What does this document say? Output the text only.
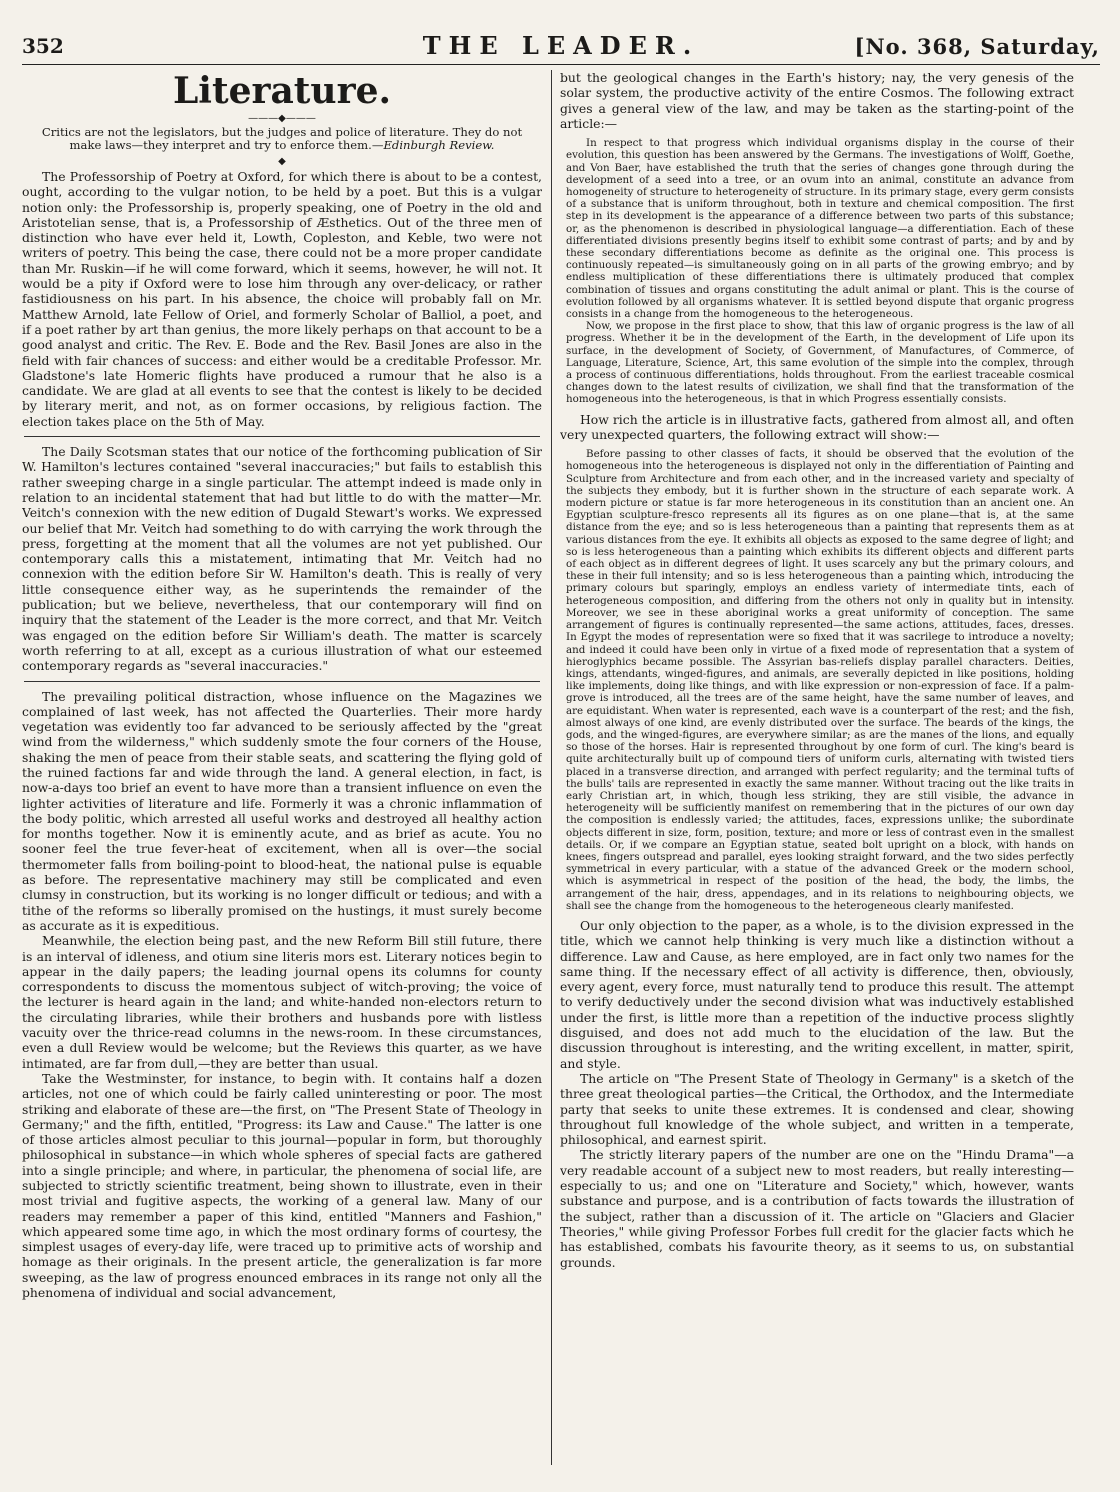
352	THE LEADER.	[No. 368, Saturday,
Literature.
———◆———
Critics are not the legislators, but the judges and police of literature. They do not make laws—they interpret and try to enforce them.—Edinburgh Review.
◆

The Professorship of Poetry at Oxford, for which there is about to be a contest, ought, according to the vulgar notion, to be held by a poet. But this is a vulgar notion only: the Professorship is, properly speaking, one of Poetry in the old and Aristotelian sense, that is, a Professorship of Æsthetics. Out of the three men of distinction who have ever held it, Lowth, Copleston, and Keble, two were not writers of poetry. This being the case, there could not be a more proper candidate than Mr. Ruskin—if he will come forward, which it seems, however, he will not. It would be a pity if Oxford were to lose him through any over-delicacy, or rather fastidiousness on his part. In his absence, the choice will probably fall on Mr. Matthew Arnold, late Fellow of Oriel, and formerly Scholar of Balliol, a poet, and if a poet rather by art than genius, the more likely perhaps on that account to be a good analyst and critic. The Rev. E. Bode and the Rev. Basil Jones are also in the field with fair chances of success: and either would be a creditable Professor. Mr. Gladstone's late Homeric flights have produced a rumour that he also is a candidate. We are glad at all events to see that the contest is likely to be decided by literary merit, and not, as on former occasions, by religious faction. The election takes place on the 5th of May.

The Daily Scotsman states that our notice of the forthcoming publication of Sir W. Hamilton's lectures contained "several inaccuracies;" but fails to establish this rather sweeping charge in a single particular. The attempt indeed is made only in relation to an incidental statement that had but little to do with the matter—Mr. Veitch's connexion with the new edition of Dugald Stewart's works. We expressed our belief that Mr. Veitch had something to do with carrying the work through the press, forgetting at the moment that all the volumes are not yet published. Our contemporary calls this a mistatement, intimating that Mr. Veitch had no connexion with the edition before Sir W. Hamilton's death. This is really of very little consequence either way, as he superintends the remainder of the publication; but we believe, nevertheless, that our contemporary will find on inquiry that the statement of the Leader is the more correct, and that Mr. Veitch was engaged on the edition before Sir William's death. The matter is scarcely worth referring to at all, except as a curious illustration of what our esteemed contemporary regards as "several inaccuracies."

The prevailing political distraction, whose influence on the Magazines we complained of last week, has not affected the Quarterlies. Their more hardy vegetation was evidently too far advanced to be seriously affected by the "great wind from the wilderness," which suddenly smote the four corners of the House, shaking the men of peace from their stable seats, and scattering the flying gold of the ruined factions far and wide through the land. A general election, in fact, is now-a-days too brief an event to have more than a transient influence on even the lighter activities of literature and life. Formerly it was a chronic inflammation of the body politic, which arrested all useful works and destroyed all healthy action for months together. Now it is eminently acute, and as brief as acute. You no sooner feel the true fever-heat of excitement, when all is over—the social thermometer falls from boiling-point to blood-heat, the national pulse is equable as before. The representative machinery may still be complicated and even clumsy in construction, but its working is no longer difficult or tedious; and with a tithe of the reforms so liberally promised on the hustings, it must surely become as accurate as it is expeditious.

Meanwhile, the election being past, and the new Reform Bill still future, there is an interval of idleness, and otium sine literis mors est. Literary notices begin to appear in the daily papers; the leading journal opens its columns for county correspondents to discuss the momentous subject of witch-proving; the voice of the lecturer is heard again in the land; and white-handed non-electors return to the circulating libraries, while their brothers and husbands pore with listless vacuity over the thrice-read columns in the news-room. In these circumstances, even a dull Review would be welcome; but the Reviews this quarter, as we have intimated, are far from dull,—they are better than usual.

Take the Westminster, for instance, to begin with. It contains half a dozen articles, not one of which could be fairly called uninteresting or poor. The most striking and elaborate of these are—the first, on "The Present State of Theology in Germany;" and the fifth, entitled, "Progress: its Law and Cause." The latter is one of those articles almost peculiar to this journal—popular in form, but thoroughly philosophical in substance—in which whole spheres of special facts are gathered into a single principle; and where, in particular, the phenomena of social life, are subjected to strictly scientific treatment, being shown to illustrate, even in their most trivial and fugitive aspects, the working of a general law. Many of our readers may remember a paper of this kind, entitled "Manners and Fashion," which appeared some time ago, in which the most ordinary forms of courtesy, the simplest usages of every-day life, were traced up to primitive acts of worship and homage as their originals. In the present article, the generalization is far more sweeping, as the law of progress enounced embraces in its range not only all the phenomena of individual and social advancement,

but the geological changes in the Earth's history; nay, the very genesis of the solar system, the productive activity of the entire Cosmos. The following extract gives a general view of the law, and may be taken as the starting-point of the article:—

In respect to that progress which individual organisms display in the course of their evolution, this question has been answered by the Germans. The investigations of Wolff, Goethe, and Von Baer, have established the truth that the series of changes gone through during the development of a seed into a tree, or an ovum into an animal, constitute an advance from homogeneity of structure to heterogeneity of structure. In its primary stage, every germ consists of a substance that is uniform throughout, both in texture and chemical composition. The first step in its development is the appearance of a difference between two parts of this substance; or, as the phenomenon is described in physiological language—a differentiation. Each of these differentiated divisions presently begins itself to exhibit some contrast of parts; and by and by these secondary differentiations become as definite as the original one. This process is continuously repeated—is simultaneously going on in all parts of the growing embryo; and by endless multiplication of these differentiations there is ultimately produced that complex combination of tissues and organs constituting the adult animal or plant. This is the course of evolution followed by all organisms whatever. It is settled beyond dispute that organic progress consists in a change from the homogeneous to the heterogeneous.

Now, we propose in the first place to show, that this law of organic progress is the law of all progress. Whether it be in the development of the Earth, in the development of Life upon its surface, in the development of Society, of Government, of Manufactures, of Commerce, of Language, Literature, Science, Art, this same evolution of the simple into the complex, through a process of continuous differentiations, holds throughout. From the earliest traceable cosmical changes down to the latest results of civilization, we shall find that the transformation of the homogeneous into the heterogeneous, is that in which Progress essentially consists.

How rich the article is in illustrative facts, gathered from almost all, and often very unexpected quarters, the following extract will show:—

Before passing to other classes of facts, it should be observed that the evolution of the homogeneous into the heterogeneous is displayed not only in the differentiation of Painting and Sculpture from Architecture and from each other, and in the increased variety and specialty of the subjects they embody, but it is further shown in the structure of each separate work. A modern picture or statue is far more heterogeneous in its constitution than an ancient one. An Egyptian sculpture-fresco represents all its figures as on one plane—that is, at the same distance from the eye; and so is less heterogeneous than a painting that represents them as at various distances from the eye. It exhibits all objects as exposed to the same degree of light; and so is less heterogeneous than a painting which exhibits its different objects and different parts of each object as in different degrees of light. It uses scarcely any but the primary colours, and these in their full intensity; and so is less heterogeneous than a painting which, introducing the primary colours but sparingly, employs an endless variety of intermediate tints, each of heterogeneous composition, and differing from the others not only in quality but in intensity. Moreover, we see in these aboriginal works a great uniformity of conception. The same arrangement of figures is continually represented—the same actions, attitudes, faces, dresses. In Egypt the modes of representation were so fixed that it was sacrilege to introduce a novelty; and indeed it could have been only in virtue of a fixed mode of representation that a system of hieroglyphics became possible. The Assyrian bas-reliefs display parallel characters. Deities, kings, attendants, winged-figures, and animals, are severally depicted in like positions, holding like implements, doing like things, and with like expression or non-expression of face. If a palm-grove is introduced, all the trees are of the same height, have the same number of leaves, and are equidistant. When water is represented, each wave is a counterpart of the rest; and the fish, almost always of one kind, are evenly distributed over the surface. The beards of the kings, the gods, and the winged-figures, are everywhere similar; as are the manes of the lions, and equally so those of the horses. Hair is represented throughout by one form of curl. The king's beard is quite architecturally built up of compound tiers of uniform curls, alternating with twisted tiers placed in a transverse direction, and arranged with perfect regularity; and the terminal tufts of the bulls' tails are represented in exactly the same manner. Without tracing out the like traits in early Christian art, in which, though less striking, they are still visible, the advance in heterogeneity will be sufficiently manifest on remembering that in the pictures of our own day the composition is endlessly varied; the attitudes, faces, expressions unlike; the subordinate objects different in size, form, position, texture; and more or less of contrast even in the smallest details. Or, if we compare an Egyptian statue, seated bolt upright on a block, with hands on knees, fingers outspread and parallel, eyes looking straight forward, and the two sides perfectly symmetrical in every particular, with a statue of the advanced Greek or the modern school, which is asymmetrical in respect of the position of the head, the body, the limbs, the arrangement of the hair, dress, appendages, and in its relations to neighbouring objects, we shall see the change from the homogeneous to the heterogeneous clearly manifested.

Our only objection to the paper, as a whole, is to the division expressed in the title, which we cannot help thinking is very much like a distinction without a difference. Law and Cause, as here employed, are in fact only two names for the same thing. If the necessary effect of all activity is difference, then, obviously, every agent, every force, must naturally tend to produce this result. The attempt to verify deductively under the second division what was inductively established under the first, is little more than a repetition of the inductive process slightly disguised, and does not add much to the elucidation of the law. But the discussion throughout is interesting, and the writing excellent, in matter, spirit, and style.

The article on "The Present State of Theology in Germany" is a sketch of the three great theological parties—the Critical, the Orthodox, and the Intermediate party that seeks to unite these extremes. It is condensed and clear, showing throughout full knowledge of the whole subject, and written in a temperate, philosophical, and earnest spirit.

The strictly literary papers of the number are one on the "Hindu Drama"—a very readable account of a subject new to most readers, but really interesting—especially to us; and one on "Literature and Society," which, however, wants substance and purpose, and is a contribution of facts towards the illustration of the subject, rather than a discussion of it. The article on "Glaciers and Glacier Theories," while giving Professor Forbes full credit for the glacier facts which he has established, combats his favourite theory, as it seems to us, on substantial grounds.
